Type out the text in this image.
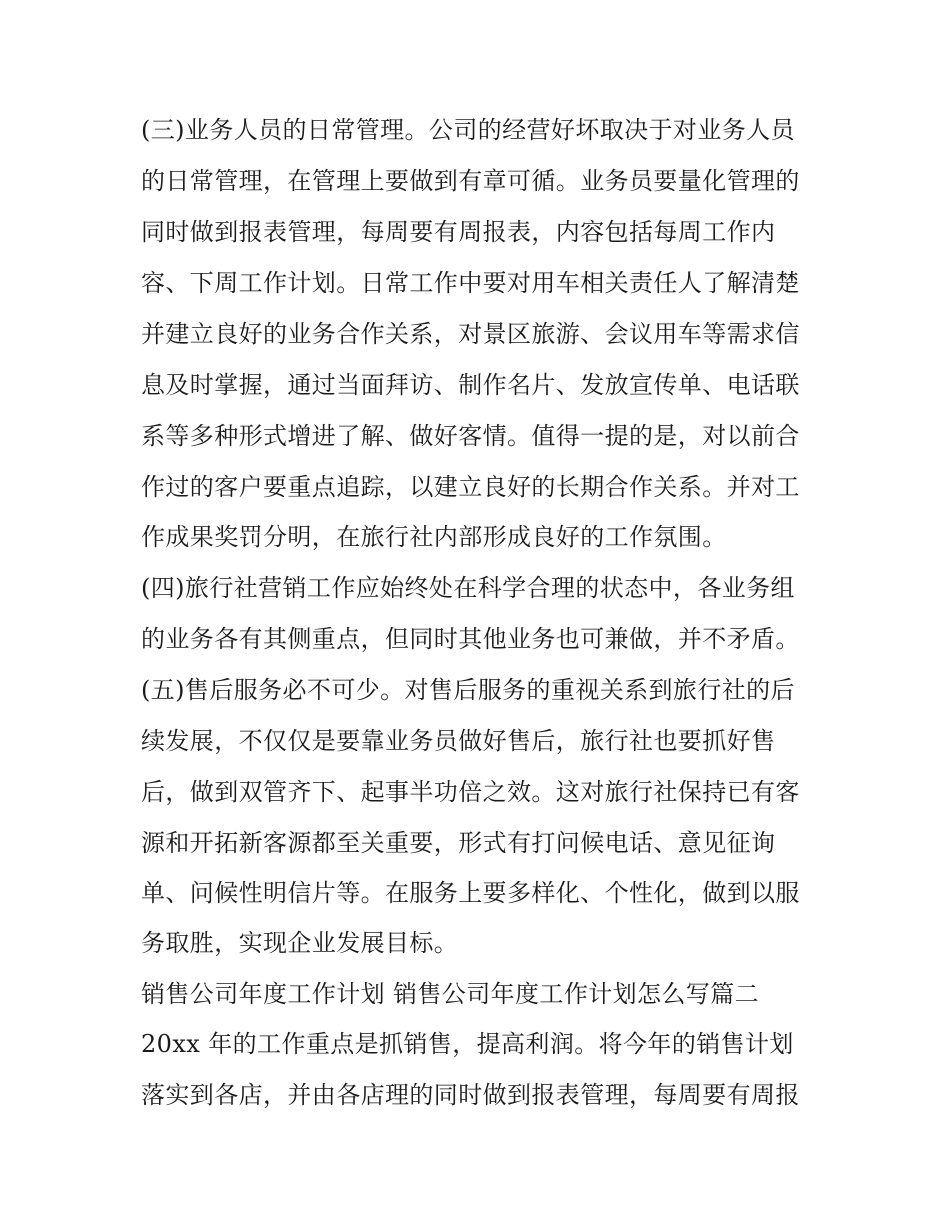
(三)业务人员的日常管理。公司的经营好坏取决于对业务人员
的日常管理，在管理上要做到有章可循。业务员要量化管理的
同时做到报表管理，每周要有周报表，内容包括每周工作内
容、下周工作计划。日常工作中要对用车相关责任人了解清楚
并建立良好的业务合作关系，对景区旅游、会议用车等需求信
息及时掌握，通过当面拜访、制作名片、发放宣传单、电话联
系等多种形式增进了解、做好客情。值得一提的是，对以前合
作过的客户要重点追踪，以建立良好的长期合作关系。并对工
作成果奖罚分明，在旅行社内部形成良好的工作氛围。
(四)旅行社营销工作应始终处在科学合理的状态中，各业务组
的业务各有其侧重点，但同时其他业务也可兼做，并不矛盾。
(五)售后服务必不可少。对售后服务的重视关系到旅行社的后
续发展，不仅仅是要靠业务员做好售后，旅行社也要抓好售
后，做到双管齐下、起事半功倍之效。这对旅行社保持已有客
源和开拓新客源都至关重要，形式有打问候电话、意见征询
单、问候性明信片等。在服务上要多样化、个性化，做到以服
务取胜，实现企业发展目标。
销售公司年度工作计划 销售公司年度工作计划怎么写篇二
20xx 年的工作重点是抓销售，提高利润。将今年的销售计划
落实到各店，并由各店理的同时做到报表管理，每周要有周报
